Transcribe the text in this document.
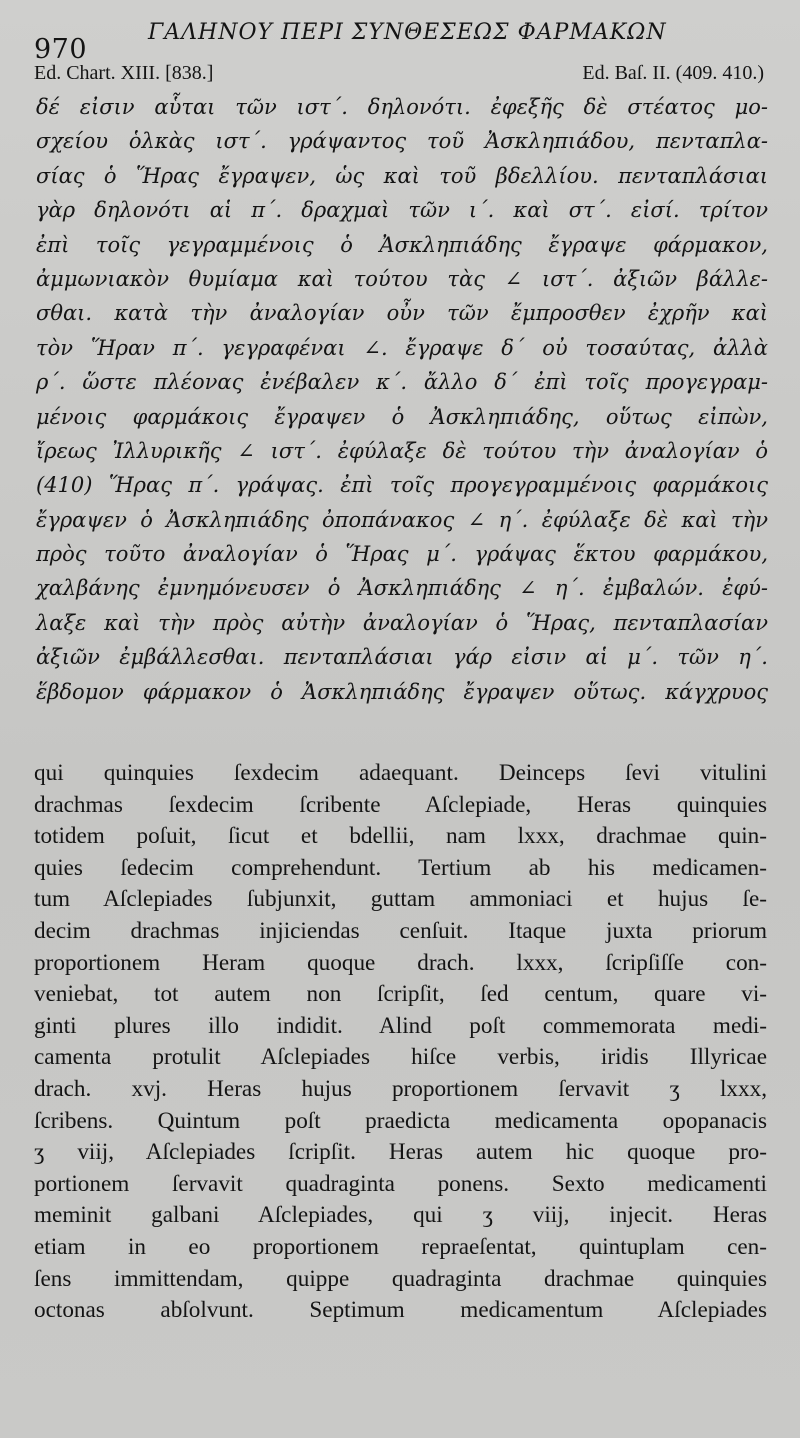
970
ΓΑΛΗΝΟΥ ΠΕΡΙ ΣΥΝΘΕΣΕΩΣ ΦΑΡΜΑΚΩΝ
Ed. Chart. XIII. [838.]	Ed. Baſ. II. (409. 410.)
δέ εἰσιν αὗται τῶν ιστ΄. δηλονότι. ἐφεξῆς δὲ στέατος μο-
σχείου ὁλκὰς ιστ΄. γράψαντος τοῦ Ἀσκληπιάδου, πενταπλα-
σίας ὁ Ἥρας ἔγραψεν, ὡς καὶ τοῦ βδελλίου. πενταπλάσιαι
γὰρ δηλονότι αἱ π΄. δραχμαὶ τῶν ι΄. καὶ στ΄. εἰσί. τρίτον
ἐπὶ τοῖς γεγραμμένοις ὁ Ἀσκληπιάδης ἔγραψε φάρμακον,
ἀμμωνιακὸν θυμίαμα καὶ τούτου τὰς ∠ ιστ΄. ἀξιῶν βάλλε-
σθαι. κατὰ τὴν ἀναλογίαν οὖν τῶν ἔμπροσθεν ἐχρῆν καὶ
τὸν Ἥραν π΄. γεγραφέναι ∠. ἔγραψε δ΄ οὐ τοσαύτας, ἀλλὰ
ρ΄. ὥστε πλέονας ἐνέβαλεν κ΄. ἄλλο δ΄ ἐπὶ τοῖς προγεγραμ-
μένοις φαρμάκοις ἔγραψεν ὁ Ἀσκληπιάδης, οὕτως εἰπὼν,
ἴρεως Ἰλλυρικῆς ∠ ιστ΄. ἐφύλαξε δὲ τούτου τὴν ἀναλογίαν ὁ
(410) Ἥρας π΄. γράψας. ἐπὶ τοῖς προγεγραμμένοις φαρμάκοις
ἔγραψεν ὁ Ἀσκληπιάδης ὀποπάνακος ∠ η΄. ἐφύλαξε δὲ καὶ τὴν
πρὸς τοῦτο ἀναλογίαν ὁ Ἥρας μ΄. γράψας ἕκτου φαρμάκου,
χαλβάνης ἐμνημόνευσεν ὁ Ἀσκληπιάδης ∠ η΄. ἐμβαλών. ἐφύ-
λαξε καὶ τὴν πρὸς αὐτὴν ἀναλογίαν ὁ Ἥρας, πενταπλασίαν
ἀξιῶν ἐμβάλλεσθαι. πενταπλάσιαι γάρ εἰσιν αἱ μ΄. τῶν η΄.
ἕβδομον φάρμακον ὁ Ἀσκληπιάδης ἔγραψεν οὕτως. κάγχρυος
qui quinquies ſexdecim adaequant. Deinceps ſevi vitulini
drachmas ſexdecim ſcribente Aſclepiade, Heras quinquies
totidem poſuit, ſicut et bdellii, nam lxxx, drachmae quin-
quies ſedecim comprehendunt. Tertium ab his medicamen-
tum Aſclepiades ſubjunxit, guttam ammoniaci et hujus ſe-
decim drachmas injiciendas cenſuit. Itaque juxta priorum
proportionem Heram quoque drach. lxxx, ſcripſiſſe con-
veniebat, tot autem non ſcripſit, ſed centum, quare vi-
ginti plures illo indidit. Alind poſt commemorata medi-
camenta protulit Aſclepiades hiſce verbis, iridis Illyricae
drach. xvj. Heras hujus proportionem ſervavit ʒ lxxx,
ſcribens. Quintum poſt praedicta medicamenta opopanacis
ʒ viij, Aſclepiades ſcripſit. Heras autem hic quoque pro-
portionem ſervavit quadraginta ponens. Sexto medicamenti
meminit galbani Aſclepiades, qui ʒ viij, injecit. Heras
etiam in eo proportionem repraeſentat, quintuplam cen-
ſens immittendam, quippe quadraginta drachmae quinquies
octonas abſolvunt. Septimum medicamentum Aſclepiades
